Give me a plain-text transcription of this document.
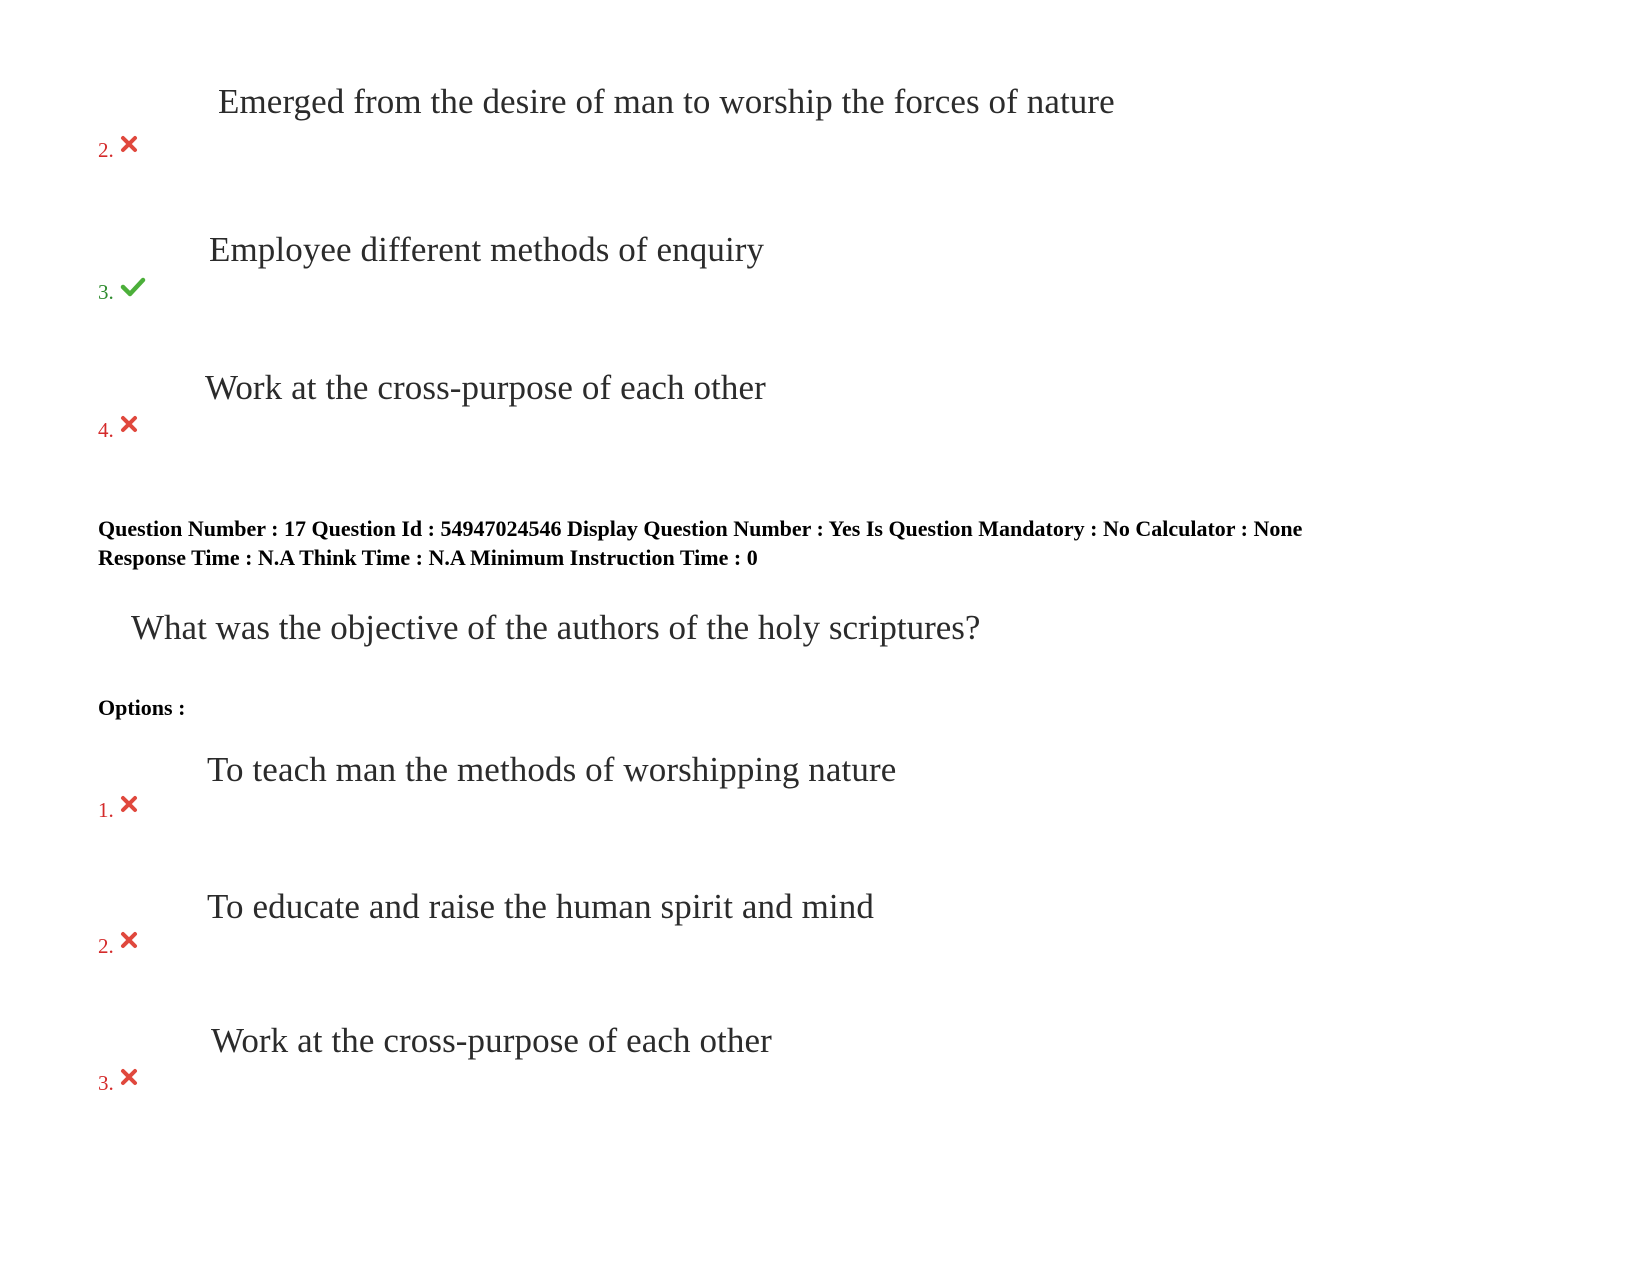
Emerged from the desire of man to worship the forces of nature
2.
Employee different methods of enquiry
3.
Work at the cross-purpose of each other
4.
Question Number : 17 Question Id : 54947024546 Display Question Number : Yes Is Question Mandatory : No Calculator : None
Response Time : N.A Think Time : N.A Minimum Instruction Time : 0
What was the objective of the authors of the holy scriptures?
Options :
To teach man the methods of worshipping nature
1.
To educate and raise the human spirit and mind
2.
Work at the cross-purpose of each other
3.
